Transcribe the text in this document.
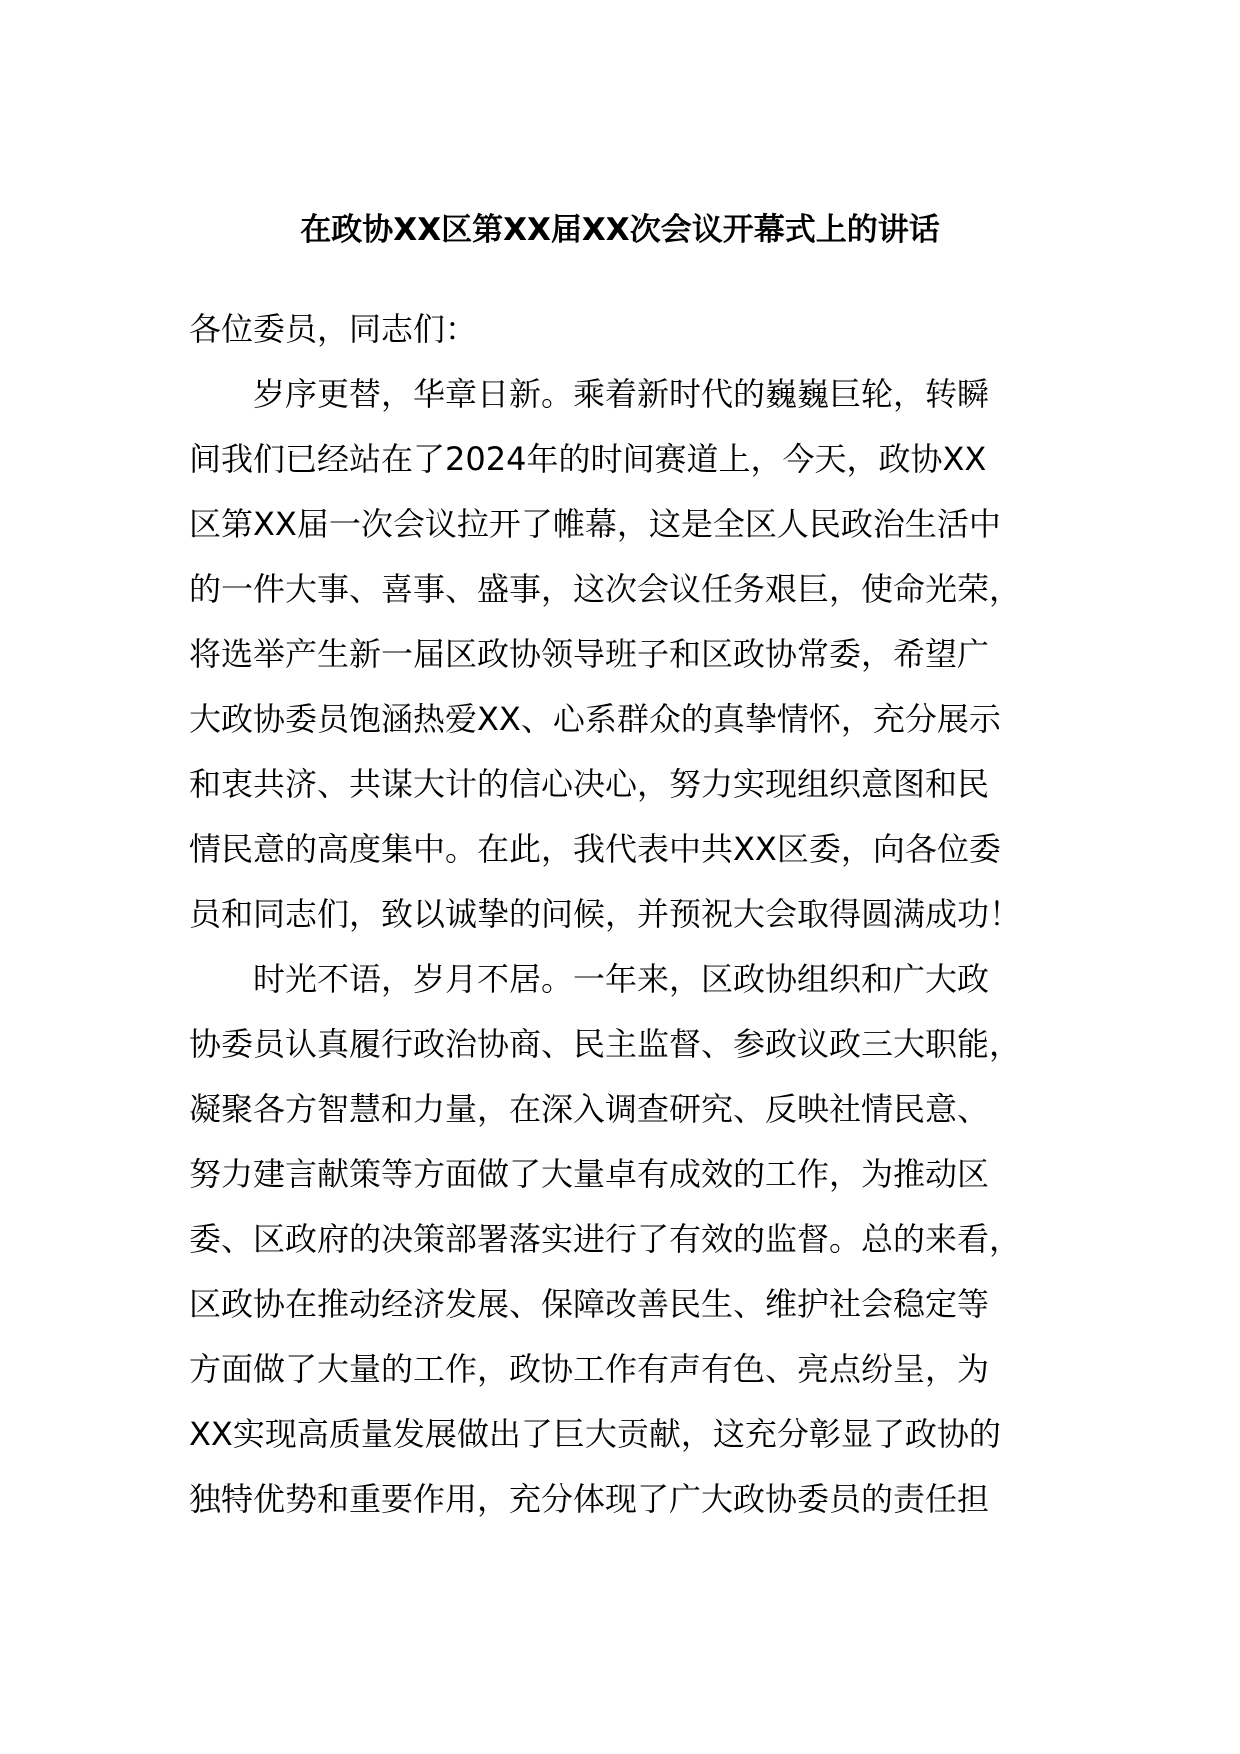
在政协XX区第XX届XX次会议开幕式上的讲话
各位委员，同志们：
　　岁序更替，华章日新。乘着新时代的巍巍巨轮，转瞬
间我们已经站在了2024年的时间赛道上，今天，政协XX
区第XX届一次会议拉开了帷幕，这是全区人民政治生活中
的一件大事、喜事、盛事，这次会议任务艰巨，使命光荣，
将选举产生新一届区政协领导班子和区政协常委，希望广
大政协委员饱涵热爱XX、心系群众的真挚情怀，充分展示
和衷共济、共谋大计的信心决心，努力实现组织意图和民
情民意的高度集中。在此，我代表中共XX区委，向各位委
员和同志们，致以诚挚的问候，并预祝大会取得圆满成功！
　　时光不语，岁月不居。一年来，区政协组织和广大政
协委员认真履行政治协商、民主监督、参政议政三大职能，
凝聚各方智慧和力量，在深入调查研究、反映社情民意、
努力建言献策等方面做了大量卓有成效的工作，为推动区
委、区政府的决策部署落实进行了有效的监督。总的来看，
区政协在推动经济发展、保障改善民生、维护社会稳定等
方面做了大量的工作，政协工作有声有色、亮点纷呈，为
XX实现高质量发展做出了巨大贡献，这充分彰显了政协的
独特优势和重要作用，充分体现了广大政协委员的责任担
